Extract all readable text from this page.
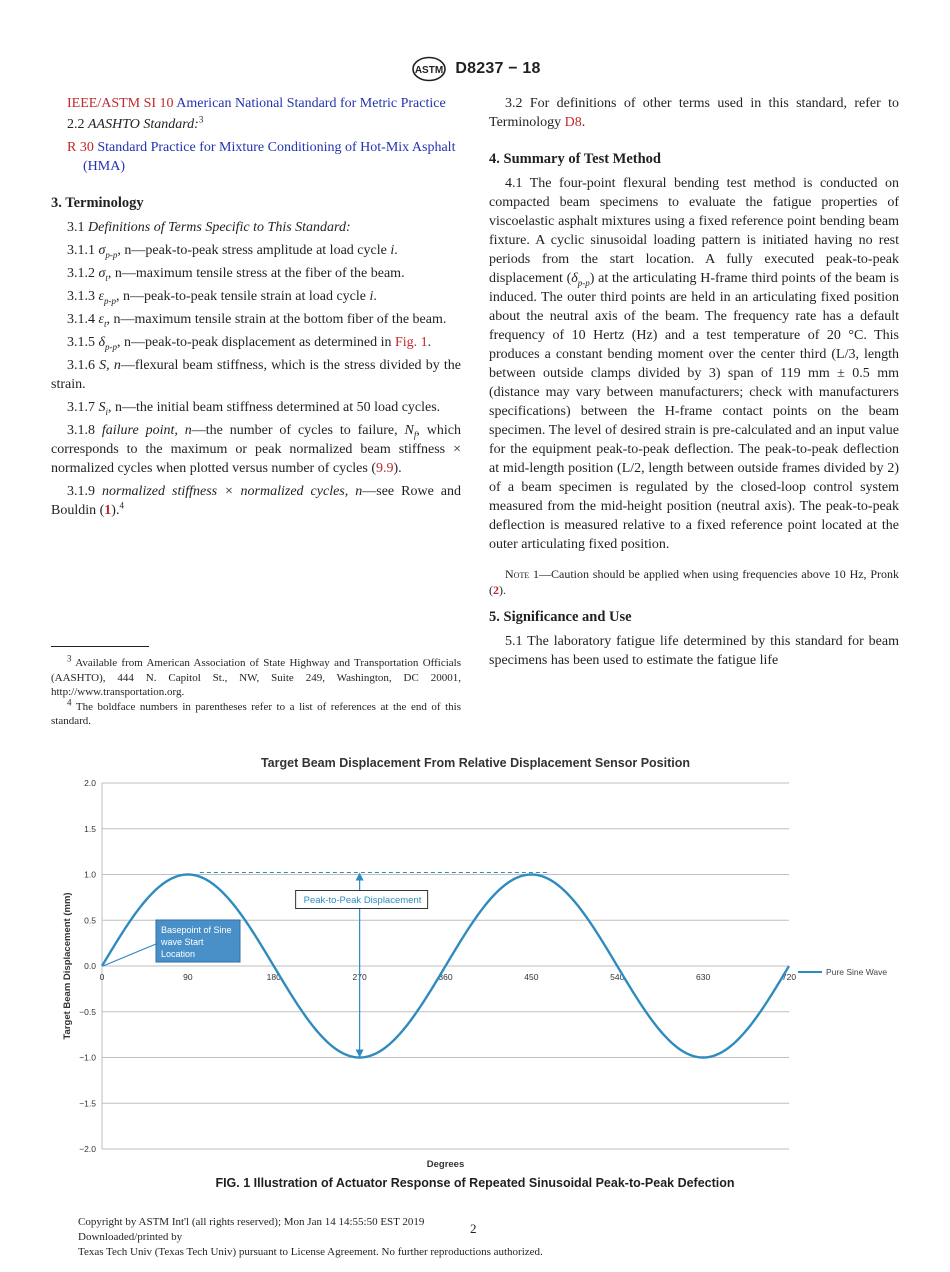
ASTM D8237 − 18
IEEE/ASTM SI 10 American National Standard for Metric Practice
2.2 AASHTO Standard:$^3$
R 30 Standard Practice for Mixture Conditioning of Hot-Mix Asphalt (HMA)
3. Terminology
3.1 Definitions of Terms Specific to This Standard:
3.1.1 $\sigma_{p-p}$, n—peak-to-peak stress amplitude at load cycle i.
3.1.2 $\sigma_t$, n—maximum tensile stress at the fiber of the beam.
3.1.3 $\varepsilon_{p-p}$, n—peak-to-peak tensile strain at load cycle i.
3.1.4 $\varepsilon_t$, n—maximum tensile strain at the bottom fiber of the beam.
3.1.5 $\delta_{p-p}$, n—peak-to-peak displacement as determined in Fig. 1.
3.1.6 S, n—flexural beam stiffness, which is the stress divided by the strain.
3.1.7 $S_i$, n—the initial beam stiffness determined at 50 load cycles.
3.1.8 failure point, n—the number of cycles to failure, $N_f$, which corresponds to the maximum or peak normalized beam stiffness × normalized cycles when plotted versus number of cycles (9.9).
3.1.9 normalized stiffness × normalized cycles, n—see Rowe and Bouldin (1).$^4$

$^3$ Available from American Association of State Highway and Transportation Officials (AASHTO), 444 N. Capitol St., NW, Suite 249, Washington, DC 20001, http://www.transportation.org.

$^4$ The boldface numbers in parentheses refer to a list of references at the end of this standard.

3.2 For definitions of other terms used in this standard, refer to Terminology D8.
4. Summary of Test Method
4.1 The four-point flexural bending test method is conducted on compacted beam specimens to evaluate the fatigue properties of viscoelastic asphalt mixtures using a fixed reference point bending beam fixture. A cyclic sinusoidal loading pattern is initiated having no rest periods from the start location. A fully executed peak-to-peak displacement $(\delta_{p-p})$ at the articulating H-frame third points of the beam is induced. The outer third points are held in an articulating fixed position about the neutral axis of the beam. The frequency rate has a default frequency of 10 Hertz (Hz) and a test temperature of 20 °C. This produces a constant bending moment over the center third (L/3, length between outside clamps divided by 3) span of 119 mm ± 0.5 mm (distance may vary between manufacturers; check with manufacturers specifications) between the H-frame contact points on the beam specimen. The level of desired strain is pre-calculated and an input value for the equipment peak-to-peak deflection. The peak-to-peak deflection at mid-length position (L/2, length between outside frames divided by 2) of a beam specimen is regulated by the closed-loop control system measured from the mid-height position (neutral axis). The peak-to-peak deflection is measured relative to a fixed reference point located at the outer articulating fixed position.
Note 1—Caution should be applied when using frequencies above 10 Hz, Pronk (2).
5. Significance and Use
5.1 The laboratory fatigue life determined by this standard for beam specimens has been used to estimate the fatigue life
Target Beam Displacement From Relative Displacement Sensor Position
2.0
1.5
1.0
0.5
0.0
−0.5
−1.0
−1.5
−2.0
0	90	180	270	360	450	540	630	720
Peak-to-Peak Displacement
Basepoint of Sine
wave Start
Location
Pure Sine Wave
Degrees
Target Beam Displacement (mm)
FIG. 1 Illustration of Actuator Response of Repeated Sinusoidal Peak-to-Peak Defection
Copyright by ASTM Int'l (all rights reserved); Mon Jan 14 14:55:50 EST 2019
Downloaded/printed by
Texas Tech Univ (Texas Tech Univ) pursuant to License Agreement. No further reproductions authorized.
2
